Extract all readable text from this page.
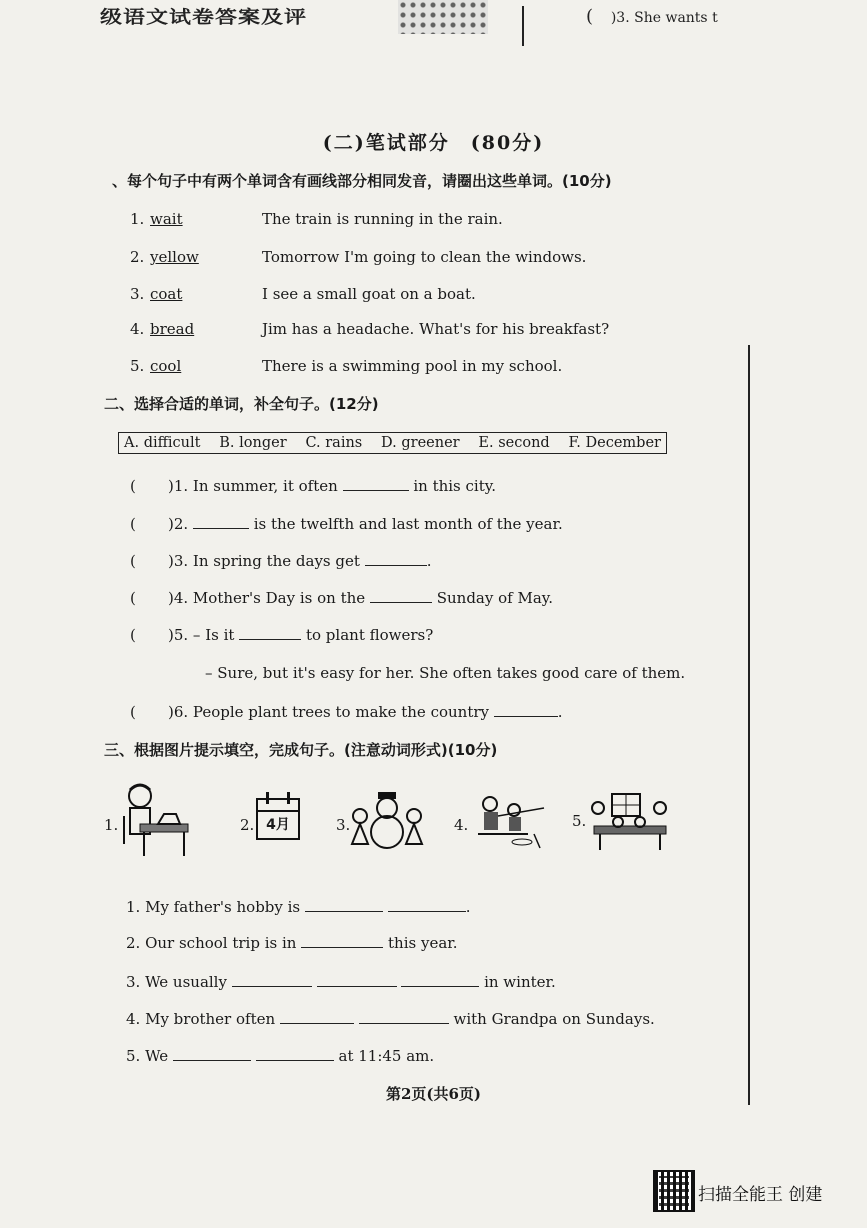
级语文试卷答案及评	( )3. She wants t
(二)笔试部分　(80分)
、每个句子中有两个单词含有画线部分相同发音，请圈出这些单词。(10分)
1. wait	The train is running in the rain.
2. yellow	Tomorrow I'm going to clean the windows.
3. coat	I see a small goat on a boat.
4. bread	Jim has a headache. What's for his breakfast?
5. cool	There is a swimming pool in my school.
二、选择合适的单词，补全句子。(12分)
A. difficult B. longer C. rains D. greener E. second F. December
( )1. In summer, it often	in this city.
( )2.	is the twelfth and last month of the year.
( )3. In spring the days get	.
( )4. Mother's Day is on the	Sunday of May.
( )5. – Is it	to plant flowers?
– Sure, but it's easy for her. She often takes good care of them.
( )6. People plant trees to make the country	.
三、根据图片提示填空，完成句子。(注意动词形式)(10分)
1.	2. 4月	3.	4.	5.
1. My father's hobby is	.
2. Our school trip is in	this year.
3. We usually	in winter.
4. My brother often	with Grandpa on Sundays.
5. We	at 11:45 am.
第2页(共6页)
扫描全能王 创建
